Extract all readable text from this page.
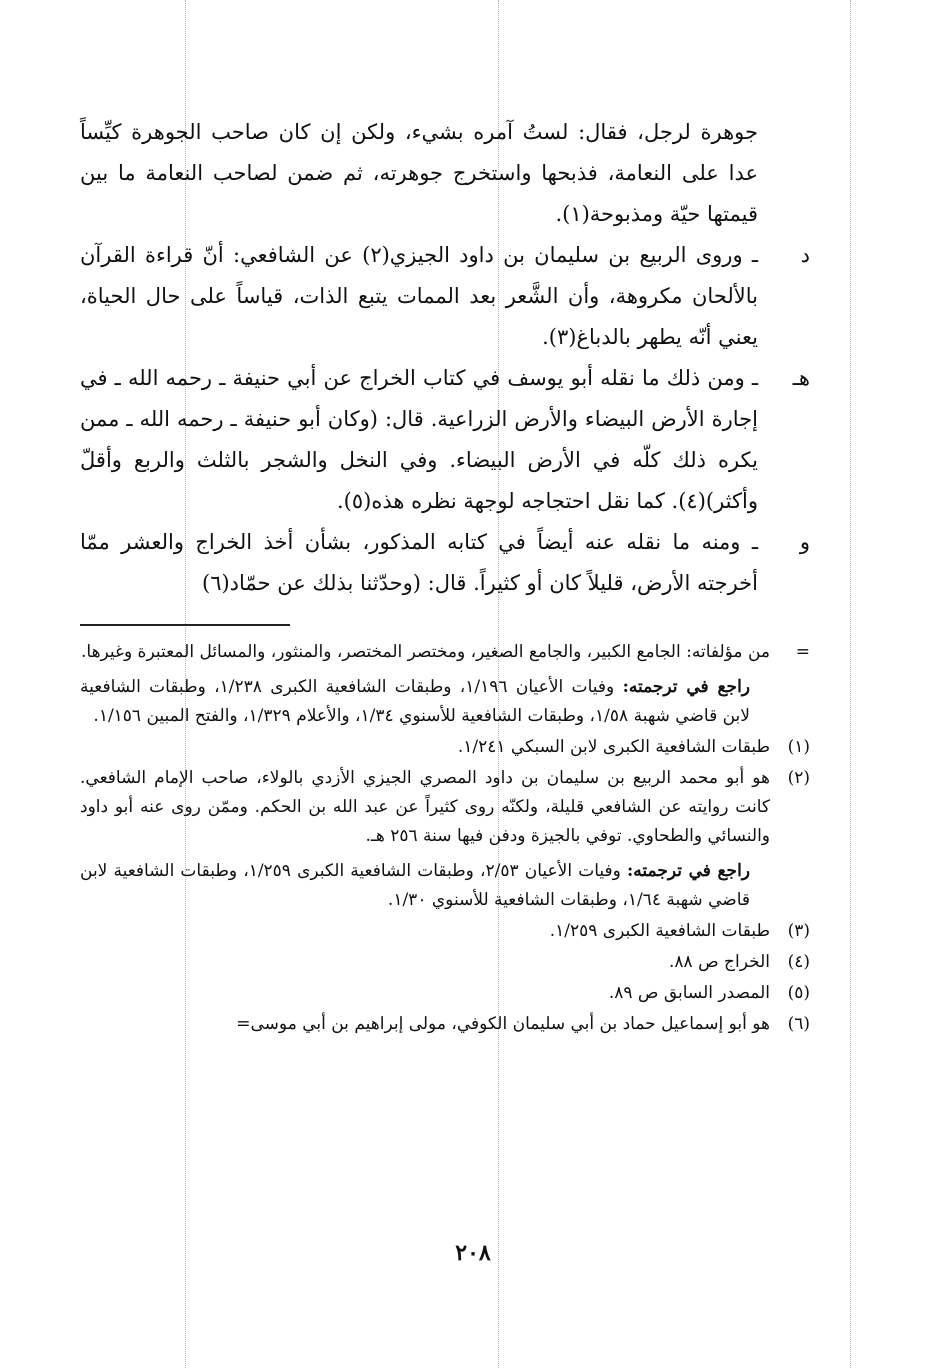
جوهرة لرجل، فقال: لستُ آمره بشيء، ولكن إن كان صاحب الجوهرة كيِّساً عدا على النعامة، فذبحها واستخرج جوهرته، ثم ضمن لصاحب النعامة ما بين قيمتها حيّة ومذبوحة(١).
د
ـ وروى الربيع بن سليمان بن داود الجيزي(٢) عن الشافعي: أنّ قراءة القرآن بالألحان مكروهة، وأن الشَّعر بعد الممات يتبع الذات، قياساً على حال الحياة، يعني أنّه يطهر بالدباغ(٣).
هـ
ـ ومن ذلك ما نقله أبو يوسف في كتاب الخراج عن أبي حنيفة ـ رحمه الله ـ في إجارة الأرض البيضاء والأرض الزراعية. قال: (وكان أبو حنيفة ـ رحمه الله ـ ممن يكره ذلك كلّه في الأرض البيضاء. وفي النخل والشجر بالثلث والربع وأقلّ وأكثر)(٤). كما نقل احتجاجه لوجهة نظره هذه(٥).
و
ـ ومنه ما نقله عنه أيضاً في كتابه المذكور، بشأن أخذ الخراج والعشر ممّا أخرجته الأرض، قليلاً كان أو كثيراً. قال: (وحدّثنا بذلك عن حمّاد(٦)
=
من مؤلفاته: الجامع الكبير، والجامع الصغير، ومختصر المختصر، والمنثور، والمسائل المعتبرة وغيرها.
راجع في ترجمته: وفيات الأعيان ١/١٩٦، وطبقات الشافعية الكبرى ١/٢٣٨، وطبقات الشافعية لابن قاضي شهبة ١/٥٨، وطبقات الشافعية للأسنوي ١/٣٤، والأعلام ١/٣٢٩، والفتح المبين ١/١٥٦.
(١)
طبقات الشافعية الكبرى لابن السبكي ١/٢٤١.
(٢)
هو أبو محمد الربيع بن سليمان بن داود المصري الجيزي الأزدي بالولاء، صاحب الإمام الشافعي. كانت روايته عن الشافعي قليلة، ولكنّه روى كثيراً عن عبد الله بن الحكم. وممّن روى عنه أبو داود والنسائي والطحاوي. توفي بالجيزة ودفن فيها سنة ٢٥٦ هـ.
راجع في ترجمته: وفيات الأعيان ٢/٥٣، وطبقات الشافعية الكبرى ١/٢٥٩، وطبقات الشافعية لابن قاضي شهبة ١/٦٤، وطبقات الشافعية للأسنوي ١/٣٠.
(٣)
طبقات الشافعية الكبرى ١/٢٥٩.
(٤)
الخراج ص ٨٨.
(٥)
المصدر السابق ص ٨٩.
(٦)
هو أبو إسماعيل حماد بن أبي سليمان الكوفي، مولى إبراهيم بن أبي موسى=
٢٠٨
